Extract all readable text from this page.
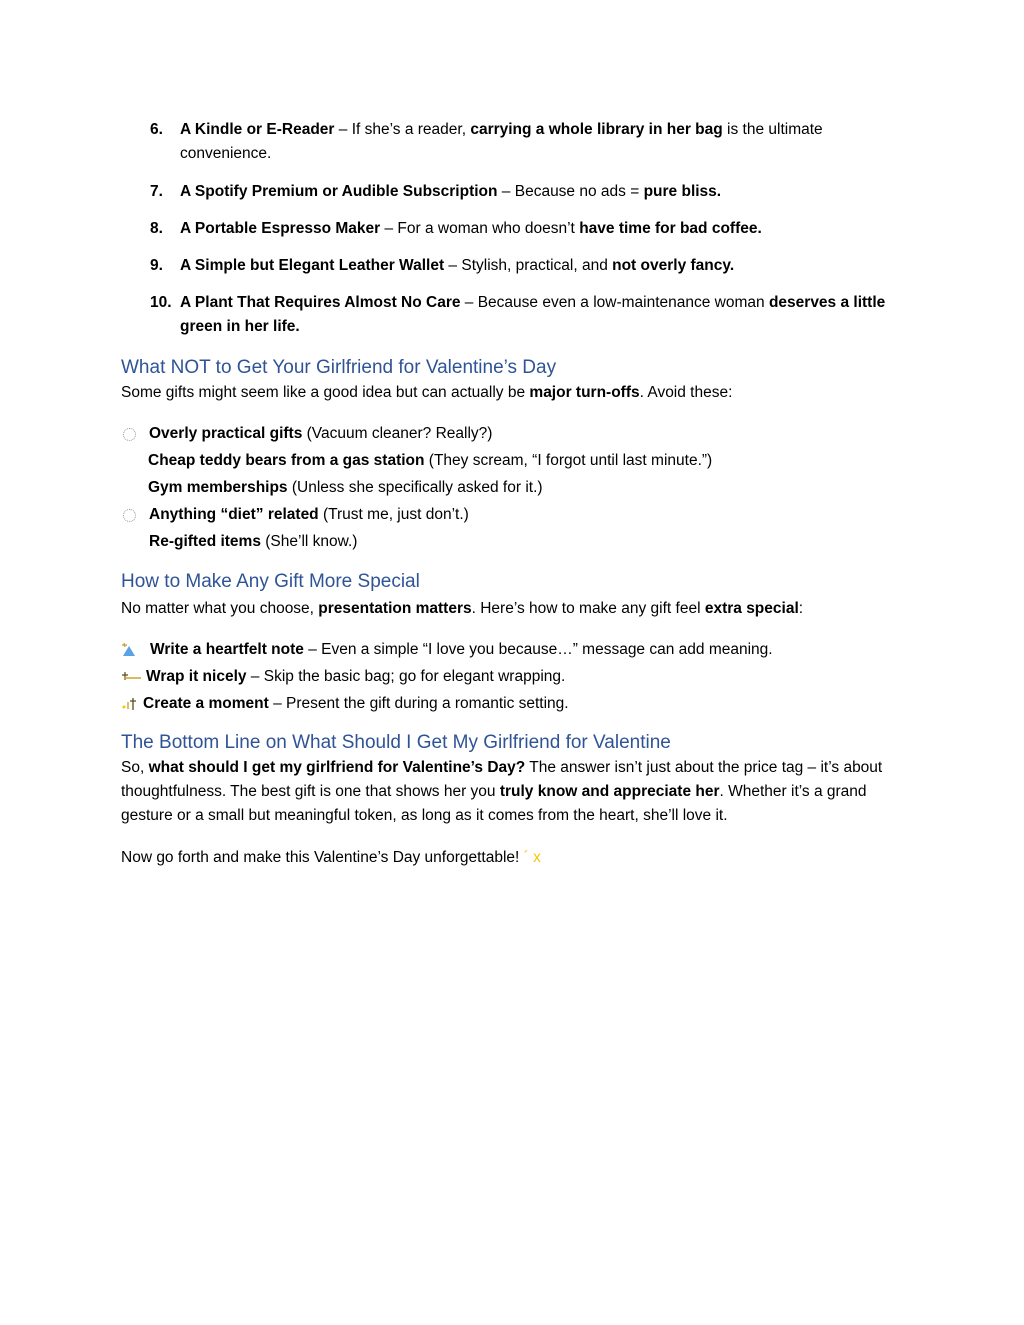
6. A Kindle or E-Reader – If she’s a reader, carrying a whole library in her bag is the ultimate convenience.
7. A Spotify Premium or Audible Subscription – Because no ads = pure bliss.
8. A Portable Espresso Maker – For a woman who doesn’t have time for bad coffee.
9. A Simple but Elegant Leather Wallet – Stylish, practical, and not overly fancy.
10. A Plant That Requires Almost No Care – Because even a low-maintenance woman deserves a little green in her life.
What NOT to Get Your Girlfriend for Valentine’s Day

Some gifts might seem like a good idea but can actually be major turn-offs. Avoid these:

Overly practical gifts (Vacuum cleaner? Really?)
Cheap teddy bears from a gas station (They scream, “I forgot until last minute.”)
Gym memberships (Unless she specifically asked for it.)
Anything “diet” related (Trust me, just don’t.)
Re-gifted items (She’ll know.)
How to Make Any Gift More Special

No matter what you choose, presentation matters. Here’s how to make any gift feel extra special:

Write a heartfelt note – Even a simple “I love you because…” message can add meaning.
Wrap it nicely – Skip the basic bag; go for elegant wrapping.
Create a moment – Present the gift during a romantic setting.
The Bottom Line on What Should I Get My Girlfriend for Valentine

So, what should I get my girlfriend for Valentine’s Day? The answer isn’t just about the price tag – it’s about thoughtfulness. The best gift is one that shows her you truly know and appreciate her. Whether it’s a grand gesture or a small but meaningful token, as long as it comes from the heart, she’ll love it.

Now go forth and make this Valentine’s Day unforgettable! ´ x
